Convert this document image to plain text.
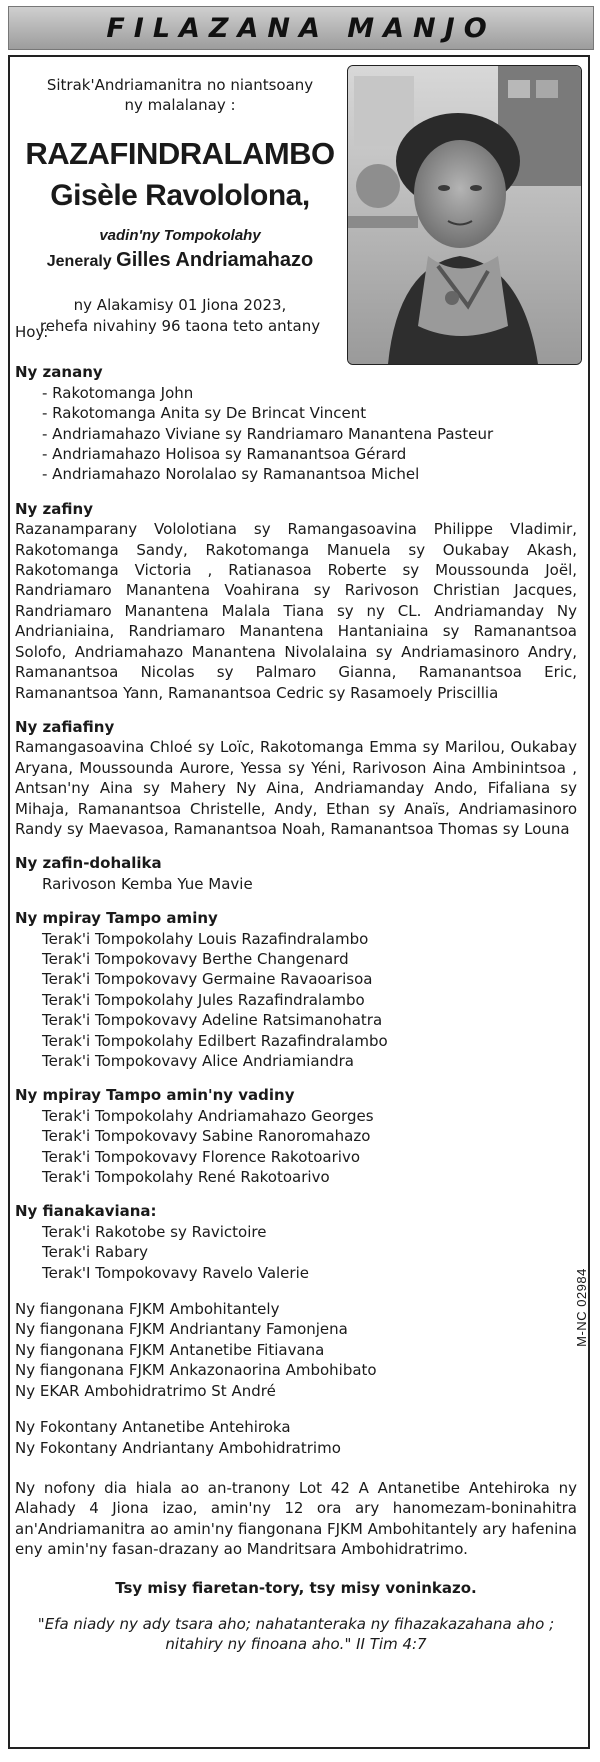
FILAZANA MANJO
Sitrak'Andriamanitra no niantsoany
ny malalanay :
RAZAFINDRALAMBO
Gisèle Ravololona,
vadin'ny Tompokolahy
Jeneraly Gilles Andriamahazo
ny Alakamisy 01 Jiona 2023,
rehefa nivahiny 96 taona teto antany
Hoy:
Ny zanany
- Rakotomanga John
- Rakotomanga Anita sy De Brincat Vincent
- Andriamahazo Viviane sy Randriamaro Manantena Pasteur
- Andriamahazo Holisoa sy Ramanantsoa Gérard
- Andriamahazo Norolalao sy Ramanantsoa Michel
Ny zafiny
Razanamparany Vololotiana sy Ramangasoavina Philippe Vladimir, Rakotomanga Sandy, Rakotomanga Manuela sy Oukabay Akash, Rakotomanga Victoria , Ratianasoa Roberte sy Moussounda Joël, Randriamaro Manantena Voahirana sy Rarivoson Christian Jacques, Randriamaro Manantena Malala Tiana sy ny CL. Andriamanday Ny Andrianiaina, Randriamaro Manantena Hantaniaina sy Ramanantsoa Solofo, Andriamahazo Manantena Nivolalaina sy Andriamasinoro Andry, Ramanantsoa Nicolas sy Palmaro Gianna, Ramanantsoa Eric, Ramanantsoa Yann, Ramanantsoa Cedric sy Rasamoely Priscillia
Ny zafiafiny
Ramangasoavina Chloé sy Loïc, Rakotomanga Emma sy Marilou, Oukabay Aryana, Moussounda Aurore, Yessa sy Yéni, Rarivoson Aina Ambinintsoa , Antsan'ny Aina sy Mahery Ny Aina, Andriamanday Ando, Fifaliana sy Mihaja, Ramanantsoa Christelle, Andy, Ethan sy Anaïs, Andriamasinoro Randy sy Maevasoa, Ramanantsoa Noah, Ramanantsoa Thomas sy Louna
Ny zafin-dohalika
Rarivoson Kemba Yue Mavie
Ny mpiray Tampo aminy
Terak'i Tompokolahy Louis Razafindralambo
Terak'i Tompokovavy Berthe Changenard
Terak'i Tompokovavy Germaine Ravaoarisoa
Terak'i Tompokolahy Jules Razafindralambo
Terak'i Tompokovavy Adeline Ratsimanohatra
Terak'i Tompokolahy Edilbert Razafindralambo
Terak'i Tompokovavy Alice Andriamiandra
Ny mpiray Tampo amin'ny vadiny
Terak'i Tompokolahy Andriamahazo Georges
Terak'i Tompokovavy Sabine Ranoromahazo
Terak'i Tompokovavy Florence Rakotoarivo
Terak'i Tompokolahy René Rakotoarivo
Ny fianakaviana:
Terak'i Rakotobe sy Ravictoire
Terak'i Rabary
Terak'I Tompokovavy Ravelo Valerie
Ny fiangonana FJKM Ambohitantely
Ny fiangonana FJKM Andriantany Famonjena
Ny fiangonana FJKM Antanetibe Fitiavana
Ny fiangonana FJKM Ankazonaorina Ambohibato
Ny EKAR Ambohidratrimo St André
Ny Fokontany Antanetibe Antehiroka
Ny Fokontany Andriantany Ambohidratrimo
Ny nofony dia hiala ao an-tranony Lot 42 A Antanetibe Antehiroka ny Alahady 4 Jiona izao, amin'ny 12 ora ary hanomezam-boninahitra an'Andriamanitra ao amin'ny fiangonana FJKM Ambohitantely ary hafenina eny amin'ny fasan-drazany ao Mandritsara Ambohidratrimo.
Tsy misy fiaretan-tory, tsy misy voninkazo.
"Efa niady ny ady tsara aho; nahatanteraka ny fihazakazahana aho ;
nitahiry ny finoana aho." II Tim 4:7
M-NC 02984
